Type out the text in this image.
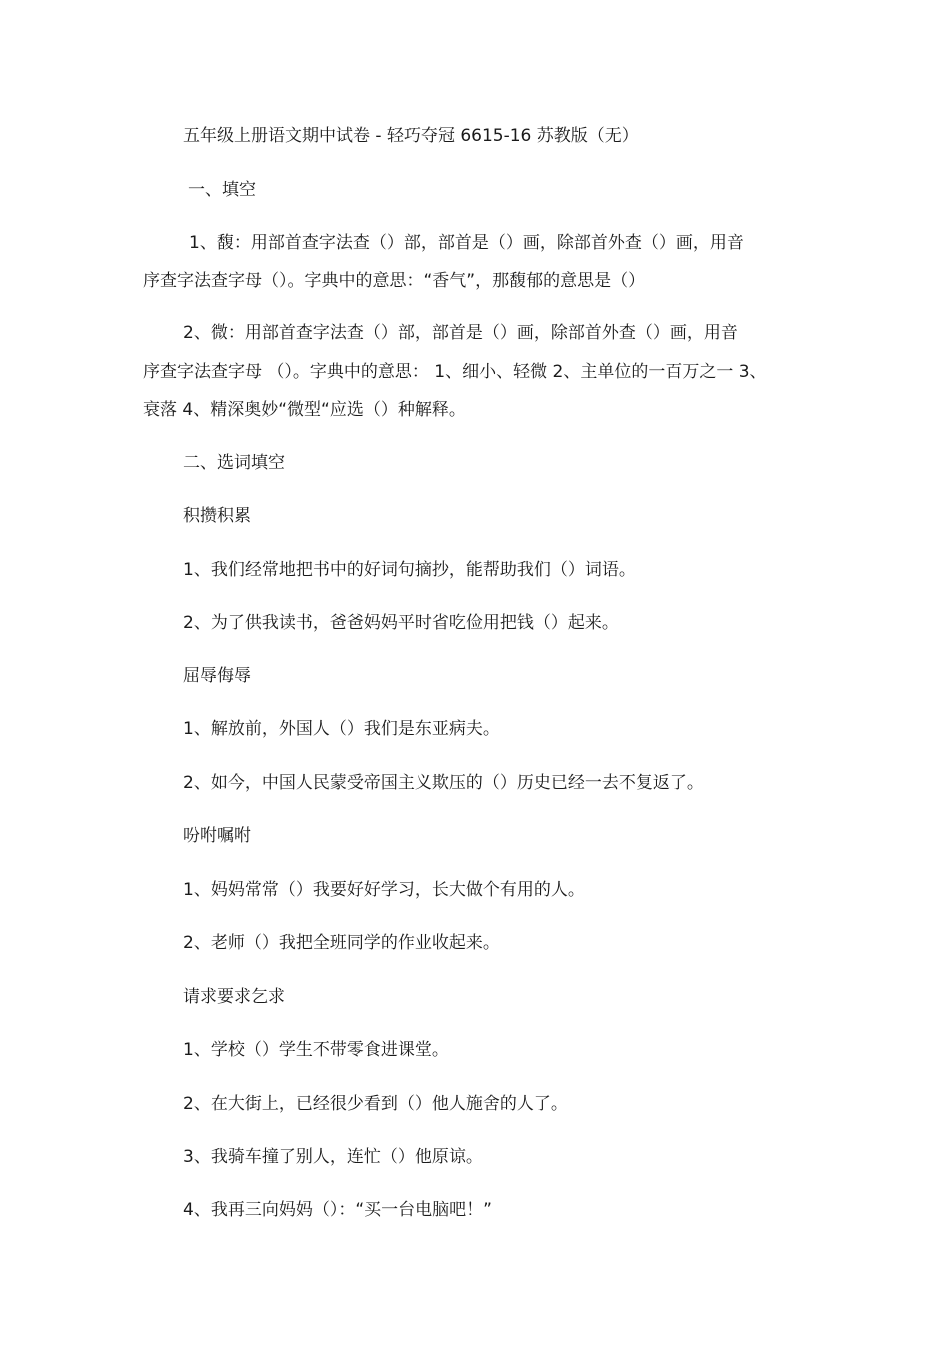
五年级上册语文期中试卷 - 轻巧夺冠 6615-16 苏教版（无）
一、填空
1、馥：用部首查字法查（）部，部首是（）画，除部首外查（）画，用音
序查字法查字母（）。字典中的意思：“香气”，那馥郁的意思是（）
2、微：用部首查字法查（）部，部首是（）画，除部首外查（）画，用音
序查字法查字母 （）。字典中的意思： 1、细小、轻微 2、主单位的一百万之一 3、
衰落 4、精深奥妙“微型“应选（）种解释。
二、选词填空
积攒积累
1、我们经常地把书中的好词句摘抄，能帮助我们（）词语。
2、为了供我读书，爸爸妈妈平时省吃俭用把钱（）起来。
屈辱侮辱
1、解放前，外国人（）我们是东亚病夫。
2、如今，中国人民蒙受帝国主义欺压的（）历史已经一去不复返了。
吩咐嘱咐
1、妈妈常常（）我要好好学习，长大做个有用的人。
2、老师（）我把全班同学的作业收起来。
请求要求乞求
1、学校（）学生不带零食进课堂。
2、在大街上，已经很少看到（）他人施舍的人了。
3、我骑车撞了别人，连忙（）他原谅。
4、我再三向妈妈（）：“买一台电脑吧！”
